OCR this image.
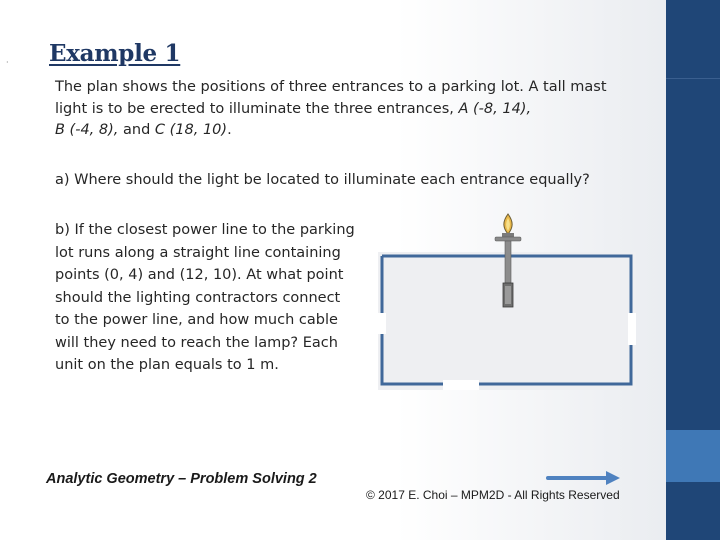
· Example 1
The plan shows the positions of three entrances to a parking lot. A tall mast light is to be erected to illuminate the three entrances, A (-8, 14),
B (-4, 8), and C (18, 10).
a) Where should the light be located to illuminate each entrance equally?
b) If the closest power line to the parking lot runs along a straight line containing points (0, 4) and (12, 10). At what point should the lighting contractors connect to the power line, and how much cable will they need to reach the lamp? Each unit on the plan equals to 1 m.
Analytic Geometry – Problem Solving 2
© 2017 E. Choi – MPM2D - All Rights Reserved
